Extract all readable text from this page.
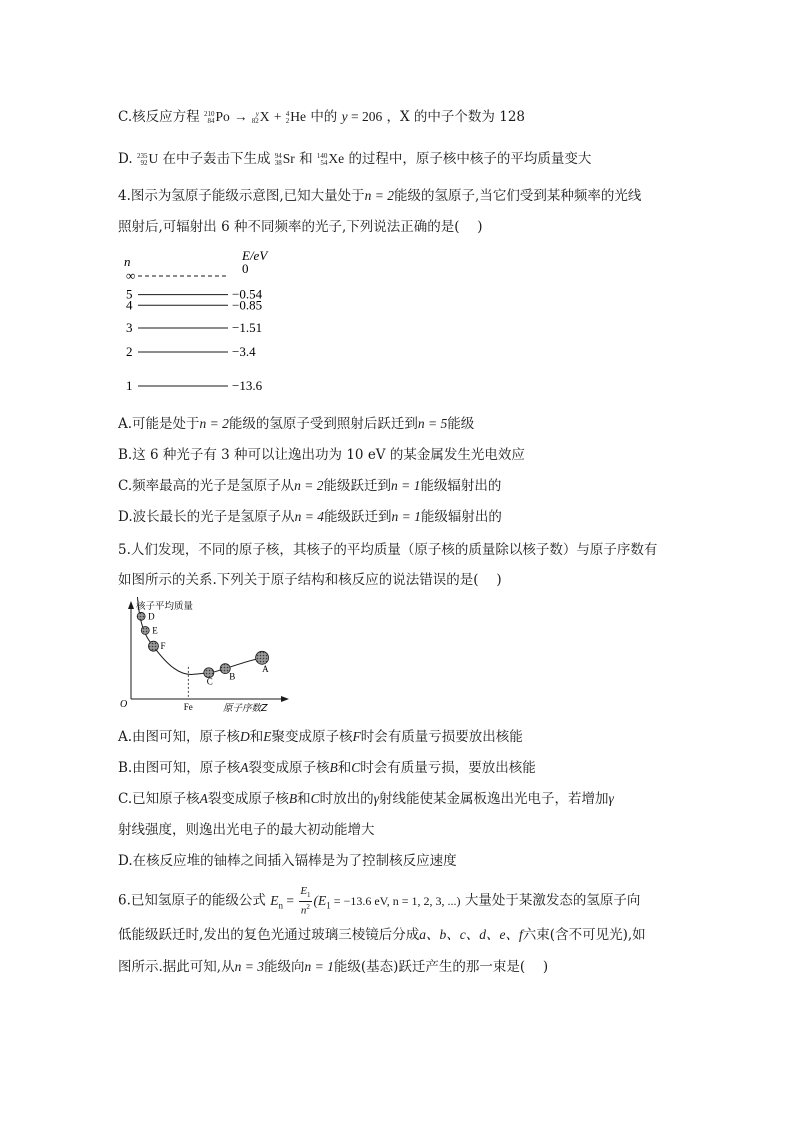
C.核反应方程 210
84 Po →	y
82 X + 4
2 He 中的 y = 206 ，X 的中子个数为 128
D. 235
92 U 在中子轰击下生成 94
38 Sr 和 140
54 Xe 的过程中，原子核中核子的平均质量变大
4.图示为氢原子能级示意图,已知大量处于n = 2能级的氢原子,当它们受到某种频率的光线
照射后,可辐射出 6 种不同频率的光子,下列说法正确的是(　 )
n	E/eV
∞	0
5	−0.54
4	−0.85
3	−1.51
2	−3.4
1	−13.6
A.可能是处于n = 2能级的氢原子受到照射后跃迁到n = 5能级
B.这 6 种光子有 3 种可以让逸出功为 10 eV 的某金属发生光电效应
C.频率最高的光子是氢原子从n = 2能级跃迁到n = 1能级辐射出的
D.波长最长的光子是氢原子从n = 4能级跃迁到n = 1能级辐射出的
5.人们发现，不同的原子核，其核子的平均质量（原子核的质量除以核子数）与原子序数有
如图所示的关系.下列关于原子结构和核反应的说法错误的是(　 )
核子平均质量
原子序数Z
O	Fe
D
E
F
C
B
A
A.由图可知，原子核D和E聚变成原子核F时会有质量亏损要放出核能
B.由图可知，原子核A裂变成原子核B和C时会有质量亏损，要放出核能
C.已知原子核A裂变成原子核B和C时放出的γ射线能使某金属板逸出光电子，若增加γ
射线强度，则逸出光电子的最大初动能增大
D.在核反应堆的铀棒之间插入镉棒是为了控制核反应速度
6.已知氢原子的能级公式 $E_n = \frac{E_1}{n^2} (E_1 = -13.6$ eV, n = 1, 2, 3, ...) 大量处于某激发态的氢原子向
低能级跃迁时,发出的复色光通过玻璃三棱镜后分成a、b、c、d、e、f六束(含不可见光),如
图所示.据此可知,从n = 3能级向n = 1能级(基态)跃迁产生的那一束是(　 )
